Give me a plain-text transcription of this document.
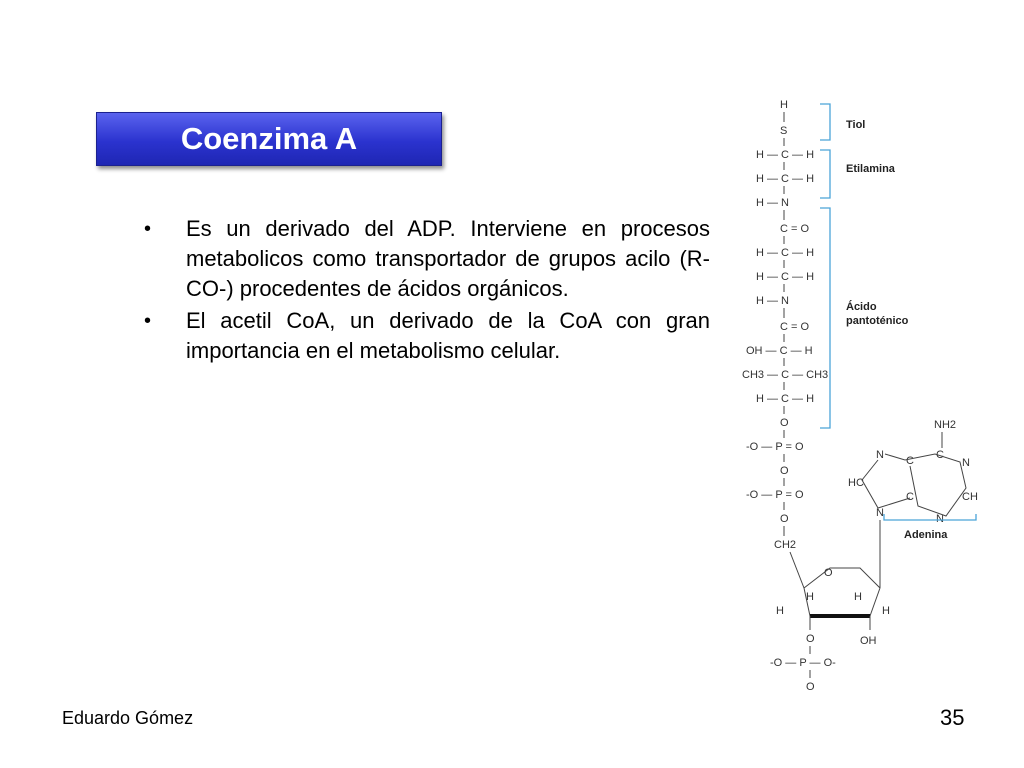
Coenzima A
• Es un derivado del ADP. Interviene en procesos metabolicos como transportador de grupos acilo (R-CO-) procedentes de ácidos orgánicos.
• El acetil CoA, un derivado de la CoA con gran importancia en el metabolismo celular.
H
S
H — C — H
H — C — H
H — N
C = O
H — C — H
H — C — H
H — N
C = O
OH — C — H
CH3 — C — CH3
H — C — H
O
-O — P = O
O
-O — P = O
O
CH2
O
H	H
H	H
OH
O
-O — P — O-
O
NH2
N C C
N
HC
C	CH
N	N
Tiol
Etilamina
Ácido
pantoténico
Adenina
Eduardo Gómez	35
